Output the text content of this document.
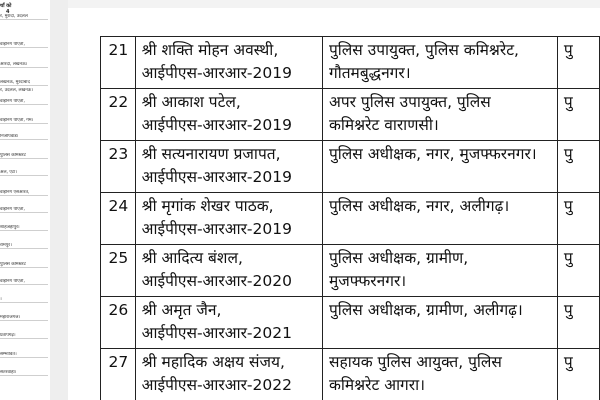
र्थां को
4
र, मुरादा, उदलल
वाईनिंग पीएती,
आरदा, लखनऊ।
लखनऊ, मुरदाबाद
र, उदलल, लखनऊ।
वाईनिंग पीएती,
वाईनिंग पीएती, गेम।
निर्जीपवाड।
पुलिस कमिश्नरेट
अल, एटा।
वाईनिंग एसआरत,
वाईनिंग पीएती,
शाहजहापुर।
रामपुर।
पुलिस कमिश्नरेट
वाईनिंग पीएती,
।
महाराजगंज।
प्रतापगढ़।
सम्भावित।
सतरवाहा।
21	श्री शक्ति मोहन अवस्थी,
आईपीएस-आरआर-2019	पुलिस उपायुक्त, पुलिस कमिश्नरेट,
गौतमबुद्धनगर।	पु
22	श्री आकाश पटेल,
आईपीएस-आरआर-2019	अपर पुलिस उपायुक्त, पुलिस
कमिश्नरेट वाराणसी।	पु
23	श्री सत्यनारायण प्रजापत,
आईपीएस-आरआर-2019	पुलिस अधीक्षक, नगर, मुजफ्फरनगर।	पु
24	श्री मृगांक शेखर पाठक,
आईपीएस-आरआर-2019	पुलिस अधीक्षक, नगर, अलीगढ़।	पु
25	श्री आदित्य बंशल,
आईपीएस-आरआर-2020	पुलिस अधीक्षक, ग्रामीण,
मुजफ्फरनगर।	पु
26	श्री अमृत जैन,
आईपीएस-आरआर-2021	पुलिस अधीक्षक, ग्रामीण, अलीगढ़।	पु
27	श्री महादिक अक्षय संजय,
आईपीएस-आरआर-2022	सहायक पुलिस आयुक्त, पुलिस
कमिश्नरेट आगरा।	पु
